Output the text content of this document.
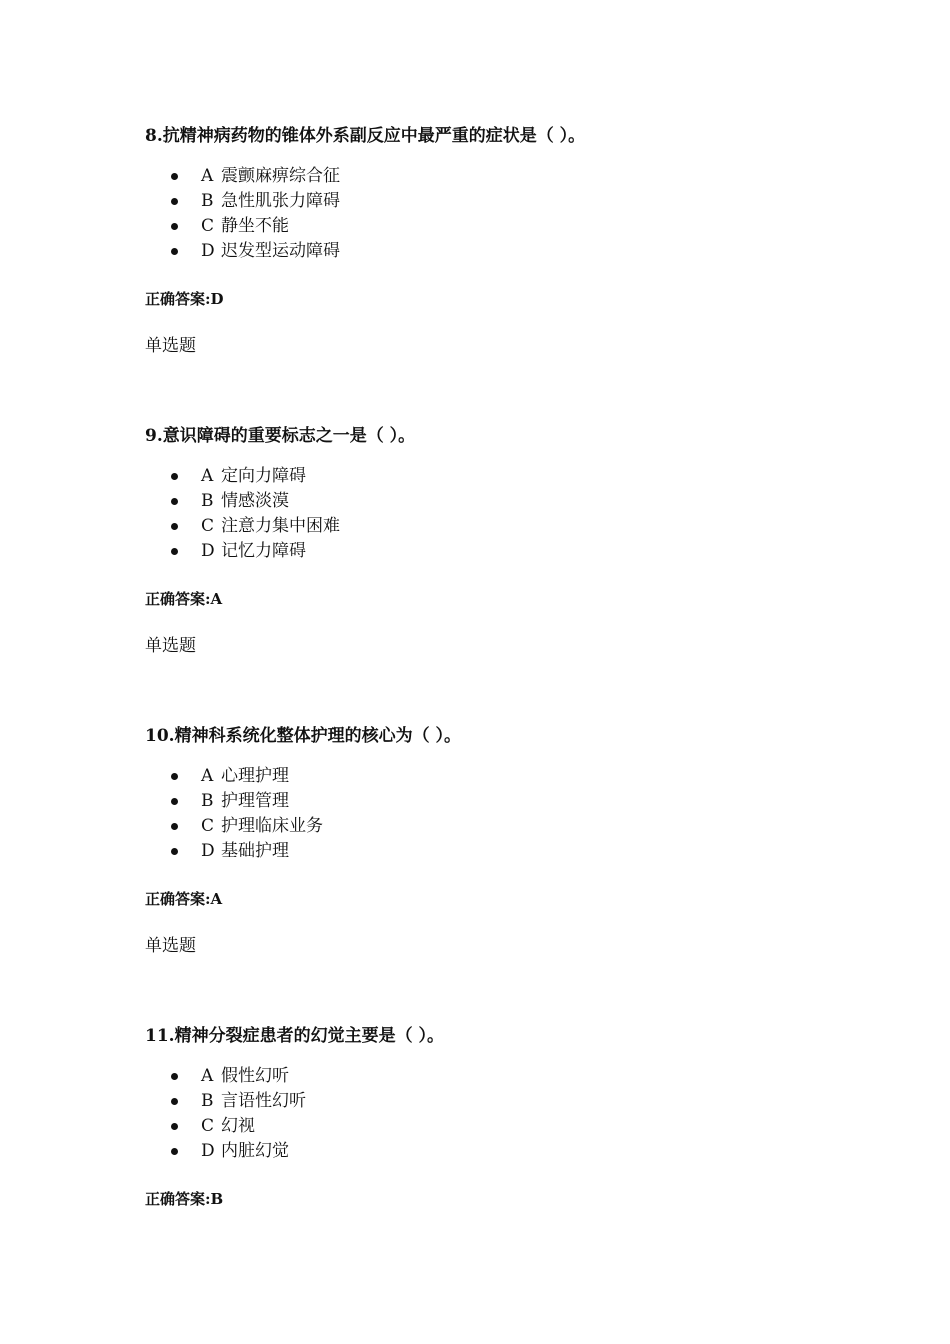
8.抗精神病药物的锥体外系副反应中最严重的症状是（ ）。
A 震颤麻痹综合征
B 急性肌张力障碍
C 静坐不能
D 迟发型运动障碍
正确答案:D
单选题
9.意识障碍的重要标志之一是（ ）。
A 定向力障碍
B 情感淡漠
C 注意力集中困难
D 记忆力障碍
正确答案:A
单选题
10.精神科系统化整体护理的核心为（ ）。
A 心理护理
B 护理管理
C 护理临床业务
D 基础护理
正确答案:A
单选题
11.精神分裂症患者的幻觉主要是（ ）。
A 假性幻听
B 言语性幻听
C 幻视
D 内脏幻觉
正确答案:B
